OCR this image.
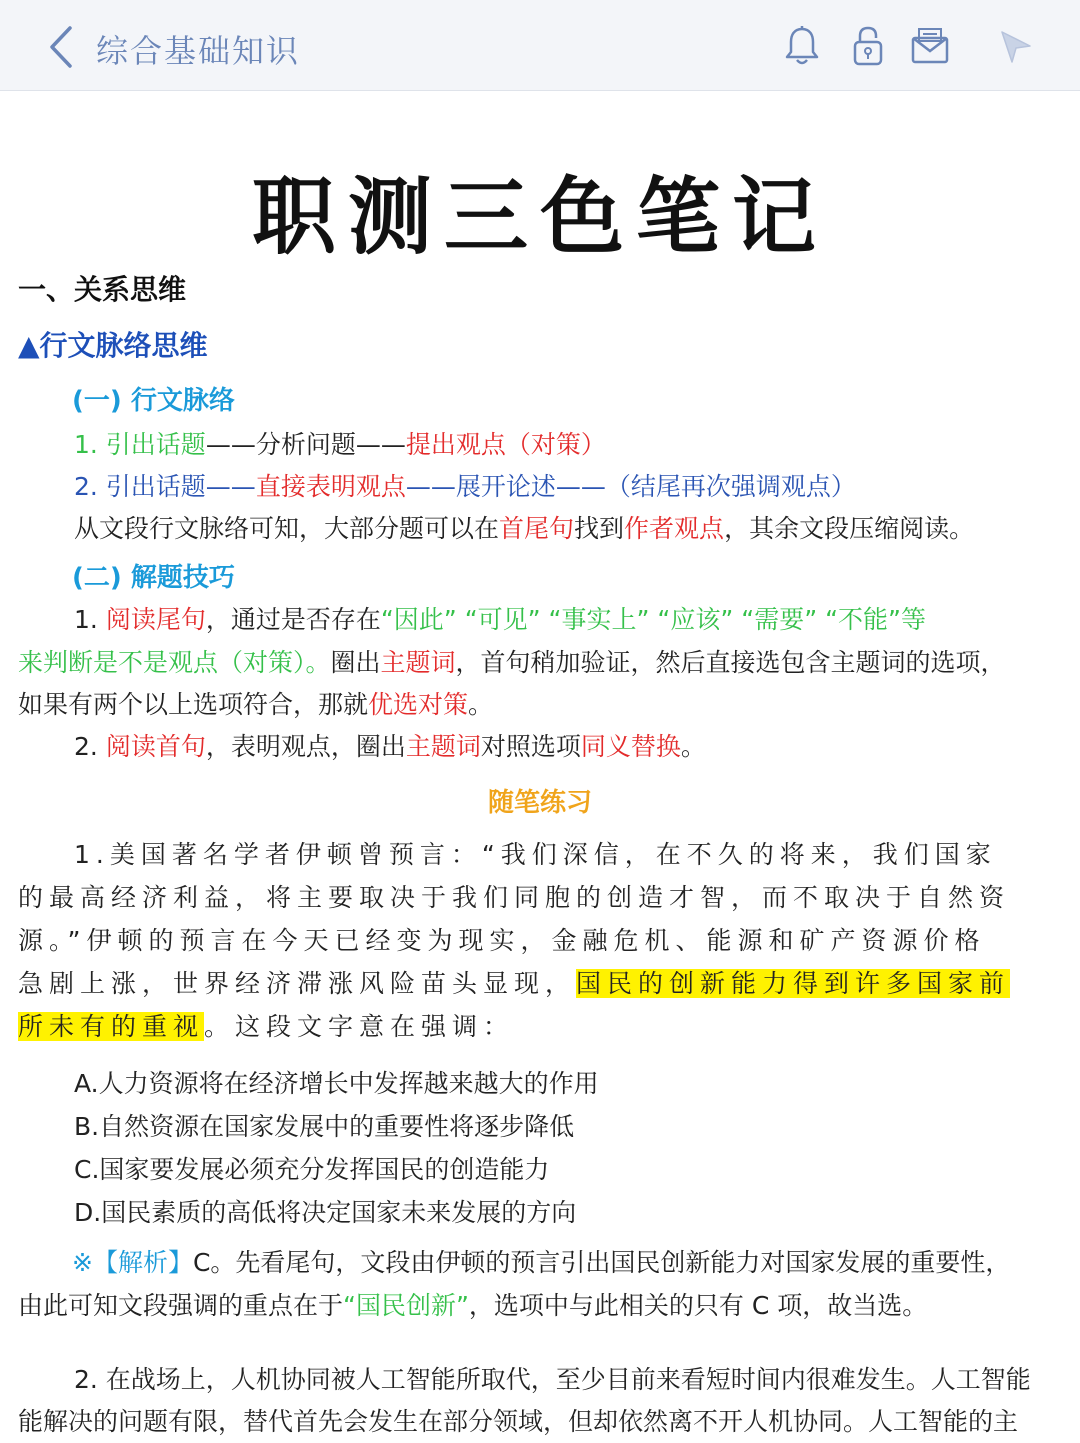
综合基础知识
职测三色笔记
一、关系思维
▲行文脉络思维
(一) 行文脉络
1. 引出话题——分析问题——提出观点（对策）
2. 引出话题——直接表明观点——展开论述——（结尾再次强调观点）
从文段行文脉络可知，大部分题可以在首尾句找到作者观点，其余文段压缩阅读。
(二) 解题技巧
1. 阅读尾句，通过是否存在“因此” “可见” “事实上” “应该” “需要” “不能”等
来判断是不是观点（对策）。圈出主题词，首句稍加验证，然后直接选包含主题词的选项，
如果有两个以上选项符合，那就优选对策。
2. 阅读首句，表明观点，圈出主题词对照选项同义替换。
随笔练习
1.美国著名学者伊顿曾预言：“我们深信，在不久的将来，我们国家
的最高经济利益，将主要取决于我们同胞的创造才智，而不取决于自然资
源。”伊顿的预言在今天已经变为现实，金融危机、能源和矿产资源价格
急剧上涨，世界经济滞涨风险苗头显现，国民的创新能力得到许多国家前
所未有的重视。这段文字意在强调：
A.人力资源将在经济增长中发挥越来越大的作用
B.自然资源在国家发展中的重要性将逐步降低
C.国家要发展必须充分发挥国民的创造能力
D.国民素质的高低将决定国家未来发展的方向
※【解析】C。先看尾句，文段由伊顿的预言引出国民创新能力对国家发展的重要性，
由此可知文段强调的重点在于“国民创新”，选项中与此相关的只有 C 项，故当选。
2. 在战场上，人机协同被人工智能所取代，至少目前来看短时间内很难发生。人工智能
能解决的问题有限，替代首先会发生在部分领域，但却依然离不开人机协同。人工智能的主
